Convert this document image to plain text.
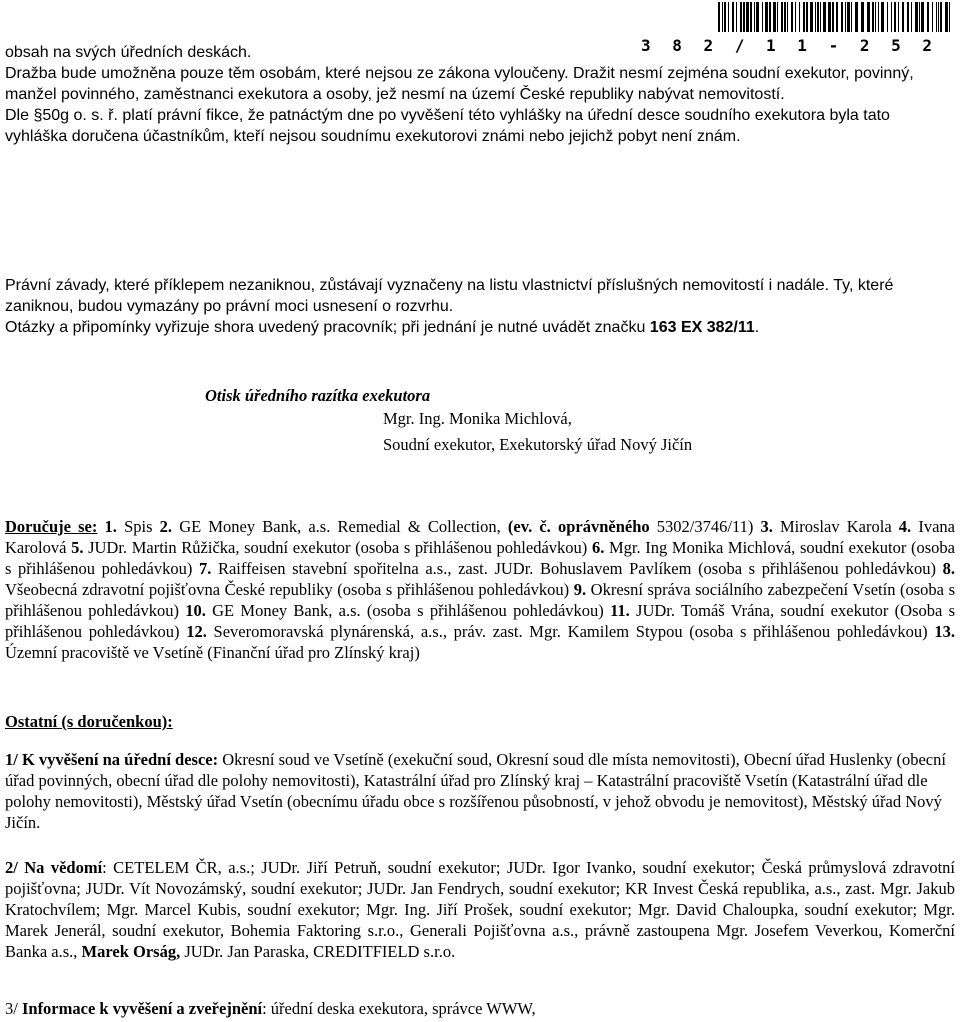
3 8 2 / 1 1 - 2 5 2

obsah na svých úředních deskách.

Dražba bude umožněna pouze těm osobám, které nejsou ze zákona vyloučeny. Dražit nesmí zejména soudní exekutor, povinný, manžel povinného, zaměstnanci exekutora a osoby, jež nesmí na území České republiky nabývat nemovitostí.

Dle §50g o. s. ř. platí právní fikce, že patnáctým dne po vyvěšení této vyhlášky na úřední desce soudního exekutora byla tato vyhláška doručena účastníkům, kteří nejsou soudnímu exekutorovi známi nebo jejichž pobyt není znám.

Právní závady, které příklepem nezaniknou, zůstávají vyznačeny na listu vlastnictví příslušných nemovitostí i nadále. Ty, které zaniknou, budou vymazány po právní moci usnesení o rozvrhu.

Otázky a připomínky vyřizuje shora uvedený pracovník; při jednání je nutné uvádět značku 163 EX 382/11.

Otisk úředního razítka exekutora

Mgr. Ing. Monika Michlová,

Soudní exekutor, Exekutorský úřad Nový Jičín

Doručuje se: 1. Spis 2. GE Money Bank, a.s. Remedial & Collection, (ev. č. oprávněného 5302/3746/11) 3. Miroslav Karola 4. Ivana Karolová 5. JUDr. Martin Růžička, soudní exekutor (osoba s přihlášenou pohledávkou) 6. Mgr. Ing Monika Michlová, soudní exekutor (osoba s přihlášenou pohledávkou) 7. Raiffeisen stavební spořitelna a.s., zast. JUDr. Bohuslavem Pavlíkem (osoba s přihlášenou pohledávkou) 8. Všeobecná zdravotní pojišťovna České republiky (osoba s přihlášenou pohledávkou) 9. Okresní správa sociálního zabezpečení Vsetín (osoba s přihlášenou pohledávkou) 10. GE Money Bank, a.s. (osoba s přihlášenou pohledávkou) 11. JUDr. Tomáš Vrána, soudní exekutor (Osoba s přihlášenou pohledávkou) 12. Severomoravská plynárenská, a.s., práv. zast. Mgr. Kamilem Stypou (osoba s přihlášenou pohledávkou) 13. Územní pracoviště ve Vsetíně (Finanční úřad pro Zlínský kraj)

Ostatní (s doručenkou):

1/ K vyvěšení na úřední desce: Okresní soud ve Vsetíně (exekuční soud, Okresní soud dle místa nemovitosti), Obecní úřad Huslenky (obecní úřad povinných, obecní úřad dle polohy nemovitosti), Katastrální úřad pro Zlínský kraj – Katastrální pracoviště Vsetín (Katastrální úřad dle polohy nemovitosti), Městský úřad Vsetín (obecnímu úřadu obce s rozšířenou působností, v jehož obvodu je nemovitost), Městský úřad Nový Jičín.

2/ Na vědomí: CETELEM ČR, a.s.; JUDr. Jiří Petruň, soudní exekutor; JUDr. Igor Ivanko, soudní exekutor; Česká průmyslová zdravotní pojišťovna; JUDr. Vít Novozámský, soudní exekutor; JUDr. Jan Fendrych, soudní exekutor; KR Invest Česká republika, a.s., zast. Mgr. Jakub Kratochvílem; Mgr. Marcel Kubis, soudní exekutor; Mgr. Ing. Jiří Prošek, soudní exekutor; Mgr. David Chaloupka, soudní exekutor; Mgr. Marek Jenerál, soudní exekutor, Bohemia Faktoring s.r.o., Generali Pojišťovna a.s., právně zastoupena Mgr. Josefem Veverkou, Komerční Banka a.s., Marek Orság, JUDr. Jan Paraska, CREDITFIELD s.r.o.

3/ Informace k vyvěšení a zveřejnění: úřední deska exekutora, správce WWW,
